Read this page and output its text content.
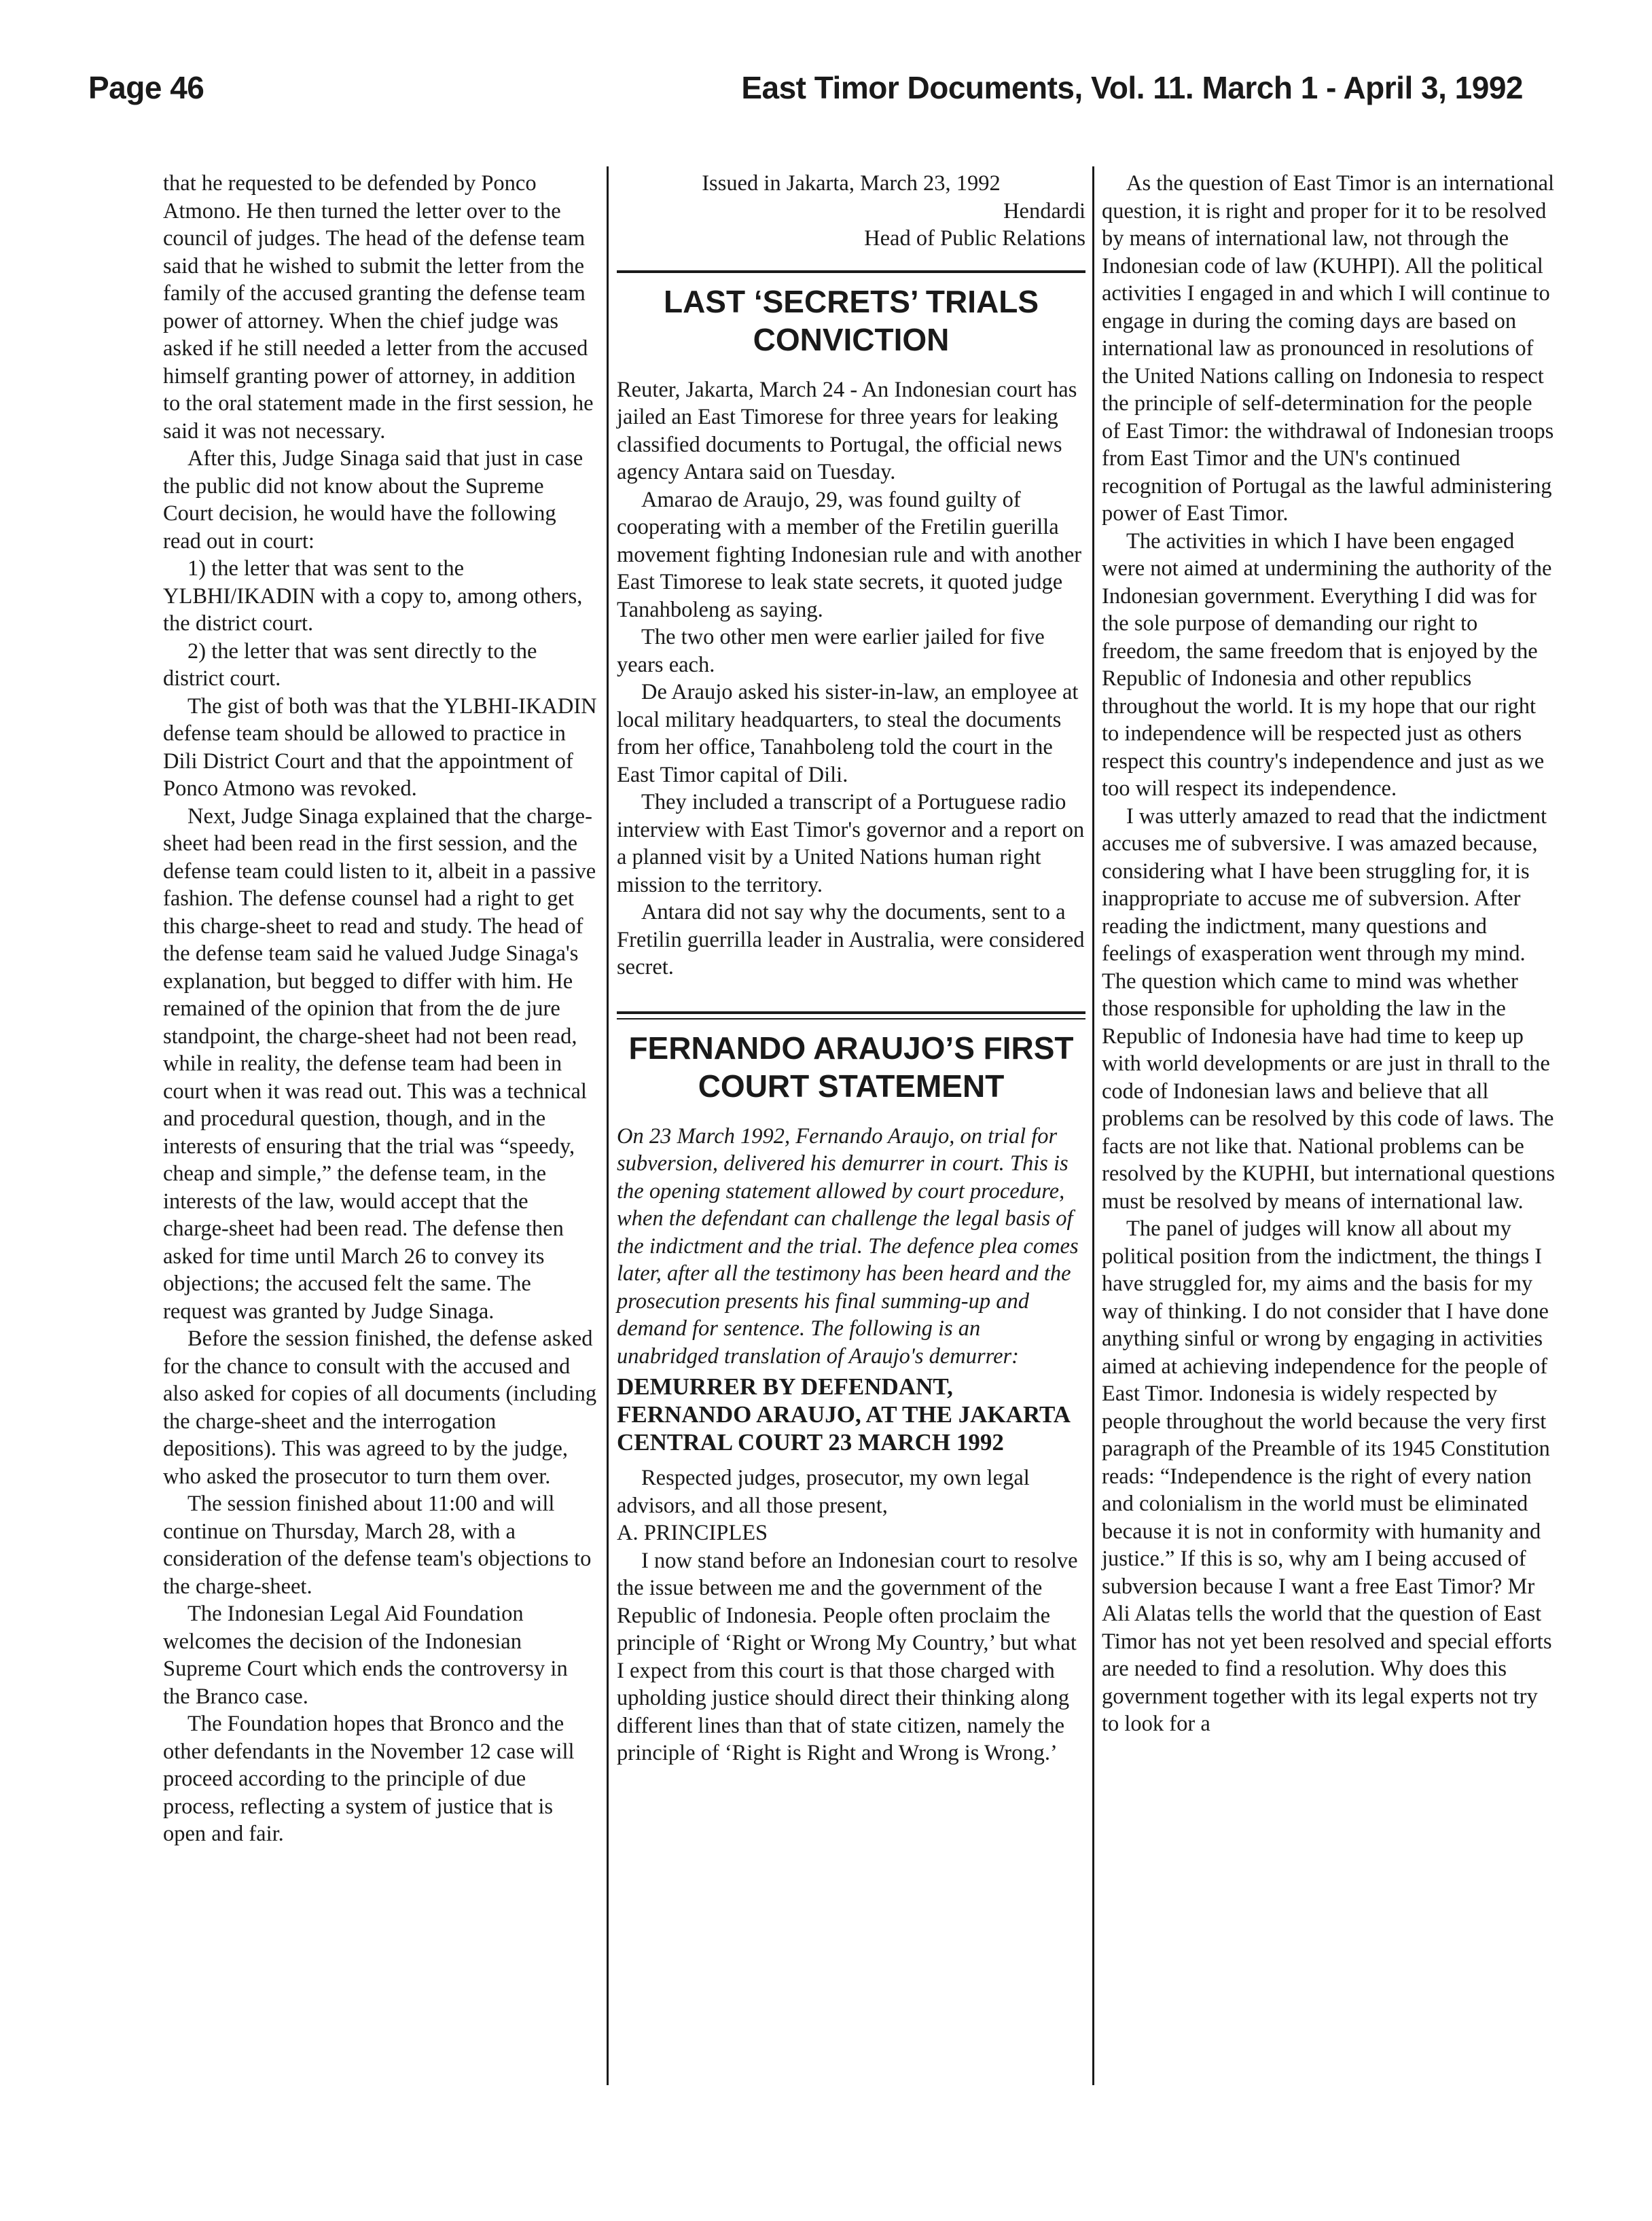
Page 46	East Timor Documents, Vol. 11. March 1 - April 3, 1992

that he requested to be defended by Ponco Atmono. He then turned the letter over to the council of judges. The head of the defense team said that he wished to submit the letter from the family of the accused granting the defense team power of attorney. When the chief judge was asked if he still needed a letter from the accused himself granting power of attorney, in addition to the oral statement made in the first session, he said it was not necessary.

After this, Judge Sinaga said that just in case the public did not know about the Supreme Court decision, he would have the following read out in court:

1) the letter that was sent to the YLBHI/IKADIN with a copy to, among others, the district court.

2) the letter that was sent directly to the district court.

The gist of both was that the YLBHI-IKADIN defense team should be allowed to practice in Dili District Court and that the appointment of Ponco Atmono was revoked.

Next, Judge Sinaga explained that the charge-sheet had been read in the first session, and the defense team could listen to it, albeit in a passive fashion. The defense counsel had a right to get this charge-sheet to read and study. The head of the defense team said he valued Judge Sinaga's explanation, but begged to differ with him. He remained of the opinion that from the de jure standpoint, the charge-sheet had not been read, while in reality, the defense team had been in court when it was read out. This was a technical and procedural question, though, and in the interests of ensuring that the trial was “speedy, cheap and simple,” the defense team, in the interests of the law, would accept that the charge-sheet had been read. The defense then asked for time until March 26 to convey its objections; the accused felt the same. The request was granted by Judge Sinaga.

Before the session finished, the defense asked for the chance to consult with the accused and also asked for copies of all documents (including the charge-sheet and the interrogation depositions). This was agreed to by the judge, who asked the prosecutor to turn them over.

The session finished about 11:00 and will continue on Thursday, March 28, with a consideration of the defense team's objections to the charge-sheet.

The Indonesian Legal Aid Foundation welcomes the decision of the Indonesian Supreme Court which ends the controversy in the Branco case.

The Foundation hopes that Bronco and the other defendants in the November 12 case will proceed according to the principle of due process, reflecting a system of justice that is open and fair.

Issued in Jakarta, March 23, 1992

Hendardi

Head of Public Relations

LAST ‘SECRETS’ TRIALS CONVICTION

Reuter, Jakarta, March 24 - An Indonesian court has jailed an East Timorese for three years for leaking classified documents to Portugal, the official news agency Antara said on Tuesday.

Amarao de Araujo, 29, was found guilty of cooperating with a member of the Fretilin guerilla movement fighting Indonesian rule and with another East Timorese to leak state secrets, it quoted judge Tanahboleng as saying.

The two other men were earlier jailed for five years each.

De Araujo asked his sister-in-law, an employee at local military headquarters, to steal the documents from her office, Tanahboleng told the court in the East Timor capital of Dili.

They included a transcript of a Portuguese radio interview with East Timor's governor and a report on a planned visit by a United Nations human right mission to the territory.

Antara did not say why the documents, sent to a Fretilin guerrilla leader in Australia, were considered secret.

FERNANDO ARAUJO’S FIRST COURT STATEMENT

On 23 March 1992, Fernando Araujo, on trial for subversion, delivered his demurrer in court. This is the opening statement allowed by court procedure, when the defendant can challenge the legal basis of the indictment and the trial. The defence plea comes later, after all the testimony has been heard and the prosecution presents his final summing-up and demand for sentence. The following is an unabridged translation of Araujo's demurrer:

DEMURRER BY DEFENDANT, FERNANDO ARAUJO, AT THE JAKARTA CENTRAL COURT 23 MARCH 1992

Respected judges, prosecutor, my own legal advisors, and all those present,

A. PRINCIPLES

I now stand before an Indonesian court to resolve the issue between me and the government of the Republic of Indonesia. People often proclaim the principle of ‘Right or Wrong My Country,’ but what I expect from this court is that those charged with upholding justice should direct their thinking along different lines than that of state citizen, namely the principle of ‘Right is Right and Wrong is Wrong.’

As the question of East Timor is an international question, it is right and proper for it to be resolved by means of international law, not through the Indonesian code of law (KUHPI). All the political activities I engaged in and which I will continue to engage in during the coming days are based on international law as pronounced in resolutions of the United Nations calling on Indonesia to respect the principle of self-determination for the people of East Timor: the withdrawal of Indonesian troops from East Timor and the UN's continued recognition of Portugal as the lawful administering power of East Timor.

The activities in which I have been engaged were not aimed at undermining the authority of the Indonesian government. Everything I did was for the sole purpose of demanding our right to freedom, the same freedom that is enjoyed by the Republic of Indonesia and other republics throughout the world. It is my hope that our right to independence will be respected just as others respect this country's independence and just as we too will respect its independence.

I was utterly amazed to read that the indictment accuses me of subversive. I was amazed because, considering what I have been struggling for, it is inappropriate to accuse me of subversion. After reading the indictment, many questions and feelings of exasperation went through my mind. The question which came to mind was whether those responsible for upholding the law in the Republic of Indonesia have had time to keep up with world developments or are just in thrall to the code of Indonesian laws and believe that all problems can be resolved by this code of laws. The facts are not like that. National problems can be resolved by the KUPHI, but international questions must be resolved by means of international law.

The panel of judges will know all about my political position from the indictment, the things I have struggled for, my aims and the basis for my way of thinking. I do not consider that I have done anything sinful or wrong by engaging in activities aimed at achieving independence for the people of East Timor. Indonesia is widely respected by people throughout the world because the very first paragraph of the Preamble of its 1945 Constitution reads: “Independence is the right of every nation and colonialism in the world must be eliminated because it is not in conformity with humanity and justice.” If this is so, why am I being accused of subversion because I want a free East Timor? Mr Ali Alatas tells the world that the question of East Timor has not yet been resolved and special efforts are needed to find a resolution. Why does this government together with its legal experts not try to look for a
